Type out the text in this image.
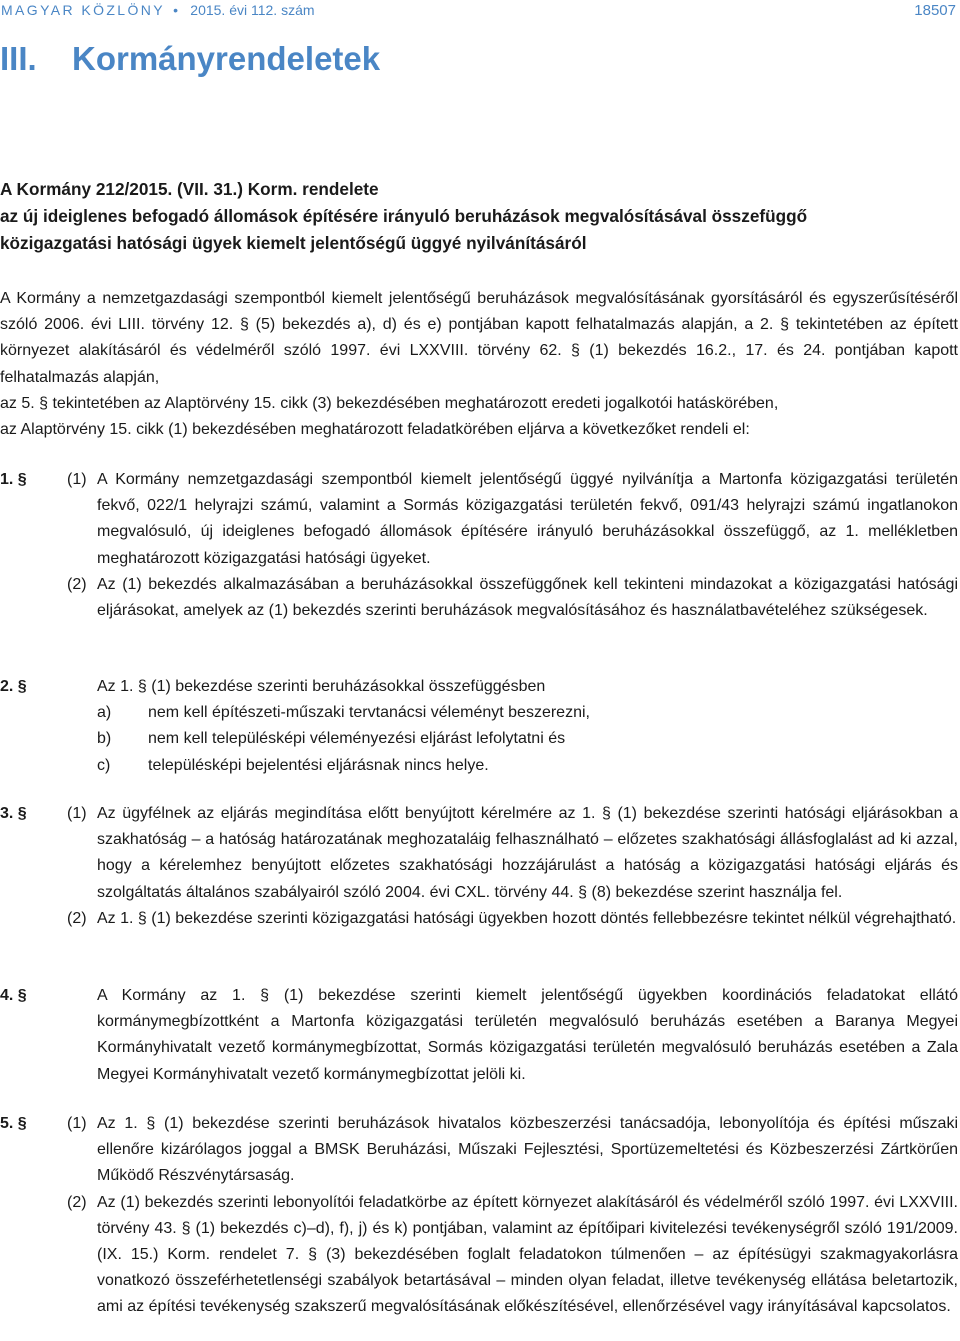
MAGYAR KÖZLÖNY • 2015. évi 112. szám	18507
III. Kormányrendeletek
A Kormány 212/2015. (VII. 31.) Korm. rendelete
az új ideiglenes befogadó állomások építésére irányuló beruházások megvalósításával összefüggő
közigazgatási hatósági ügyek kiemelt jelentőségű üggyé nyilvánításáról

A Kormány a nemzetgazdasági szempontból kiemelt jelentőségű beruházások megvalósításának gyorsításáról és egyszerűsítéséről szóló 2006. évi LIII. törvény 12. § (5) bekezdés a), d) és e) pontjában kapott felhatalmazás alapján, a 2. § tekintetében az épített környezet alakításáról és védelméről szóló 1997. évi LXXVIII. törvény 62. § (1) bekezdés 16.2., 17. és 24. pontjában kapott felhatalmazás alapján,

az 5. § tekintetében az Alaptörvény 15. cikk (3) bekezdésében meghatározott eredeti jogalkotói hatáskörében,

az Alaptörvény 15. cikk (1) bekezdésében meghatározott feladatkörében eljárva a következőket rendeli el:

1. §	(1) A Kormány nemzetgazdasági szempontból kiemelt jelentőségű üggyé nyilvánítja a Martonfa közigazgatási területén fekvő, 022/1 helyrajzi számú, valamint a Sormás közigazgatási területén fekvő, 091/43 helyrajzi számú ingatlanokon megvalósuló, új ideiglenes befogadó állomások építésére irányuló beruházásokkal összefüggő, az 1. mellékletben meghatározott közigazgatási hatósági ügyeket.

(2) Az (1) bekezdés alkalmazásában a beruházásokkal összefüggőnek kell tekinteni mindazokat a közigazgatási hatósági eljárásokat, amelyek az (1) bekezdés szerinti beruházások megvalósításához és használatbavételéhez szükségesek.

2. §	Az 1. § (1) bekezdése szerinti beruházásokkal összefüggésben

a) nem kell építészeti-műszaki tervtanácsi véleményt beszerezni,
b) nem kell településképi véleményezési eljárást lefolytatni és
c) településképi bejelentési eljárásnak nincs helye.
3. §	(1) Az ügyfélnek az eljárás megindítása előtt benyújtott kérelmére az 1. § (1) bekezdése szerinti hatósági eljárásokban a szakhatóság – a hatóság határozatának meghozataláig felhasználható – előzetes szakhatósági állásfoglalást ad ki azzal, hogy a kérelemhez benyújtott előzetes szakhatósági hozzájárulást a hatóság a közigazgatási hatósági eljárás és szolgáltatás általános szabályairól szóló 2004. évi CXL. törvény 44. § (8) bekezdése szerint használja fel.

(2) Az 1. § (1) bekezdése szerinti közigazgatási hatósági ügyekben hozott döntés fellebbezésre tekintet nélkül végrehajtható.

4. §	A Kormány az 1. § (1) bekezdése szerinti kiemelt jelentőségű ügyekben koordinációs feladatokat ellátó kormánymegbízottként a Martonfa közigazgatási területén megvalósuló beruházás esetében a Baranya Megyei Kormányhivatalt vezető kormánymegbízottat, Sormás közigazgatási területén megvalósuló beruházás esetében a Zala Megyei Kormányhivatalt vezető kormánymegbízottat jelöli ki.

5. §	(1) Az 1. § (1) bekezdése szerinti beruházások hivatalos közbeszerzési tanácsadója, lebonyolítója és építési műszaki ellenőre kizárólagos joggal a BMSK Beruházási, Műszaki Fejlesztési, Sportüzemeltetési és Közbeszerzési Zártkörűen Működő Részvénytársaság.

(2) Az (1) bekezdés szerinti lebonyolítói feladatkörbe az épített környezet alakításáról és védelméről szóló 1997. évi LXXVIII. törvény 43. § (1) bekezdés c)–d), f), j) és k) pontjában, valamint az építőipari kivitelezési tevékenységről szóló 191/2009. (IX. 15.) Korm. rendelet 7. § (3) bekezdésében foglalt feladatokon túlmenően – az építésügyi szakmagyakorlásra vonatkozó összeférhetetlenségi szabályok betartásával – minden olyan feladat, illetve tevékenység ellátása beletartozik, ami az építési tevékenység szakszerű megvalósításának előkészítésével, ellenőrzésével vagy irányításával kapcsolatos.
